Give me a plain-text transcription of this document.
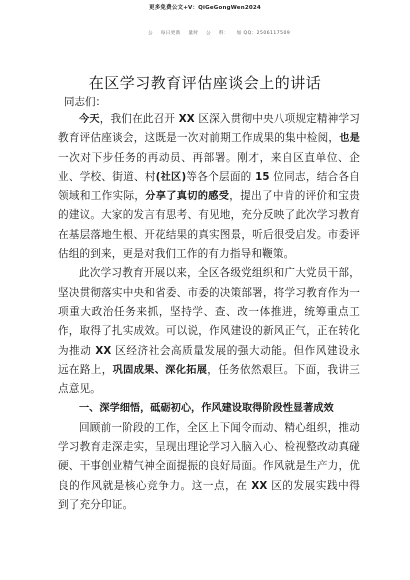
更多免费公文+V：QiGeGongWen2024
公    每日更新    量时    公    料：    加 QQ：2506117509
在区学习教育评估座谈会上的讲话
同志们：

今天，我们在此召开 XX 区深入贯彻中央八项规定精神学习教育评估座谈会，这既是一次对前期工作成果的集中检阅，也是一次对下步任务的再动员、再部署。刚才，来自区直单位、企业、学校、街道、村(社区)等各个层面的 15 位同志，结合各自领域和工作实际，分享了真切的感受，提出了中肯的评价和宝贵的建议。大家的发言有思考、有见地，充分反映了此次学习教育在基层落地生根、开花结果的真实图景，听后很受启发。市委评估组的到来，更是对我们工作的有力指导和鞭策。

此次学习教育开展以来，全区各级党组织和广大党员干部，坚决贯彻落实中央和省委、市委的决策部署，将学习教育作为一项重大政治任务来抓，坚持学、查、改一体推进，统筹重点工作，取得了扎实成效。可以说，作风建设的新风正气，正在转化为推动 XX 区经济社会高质量发展的强大动能。但作风建设永远在路上，巩固成果、深化拓展，任务依然艰巨。下面，我讲三点意见。

一、深学细悟，砥砺初心，作风建设取得阶段性显著成效

回顾前一阶段的工作，全区上下闻令而动、精心组织，推动学习教育走深走实，呈现出理论学习入脑入心、检视整改动真碰硬、干事创业精气神全面提振的良好局面。作风就是生产力，优良的作风就是核心竞争力。这一点，在 XX 区的发展实践中得到了充分印证。
